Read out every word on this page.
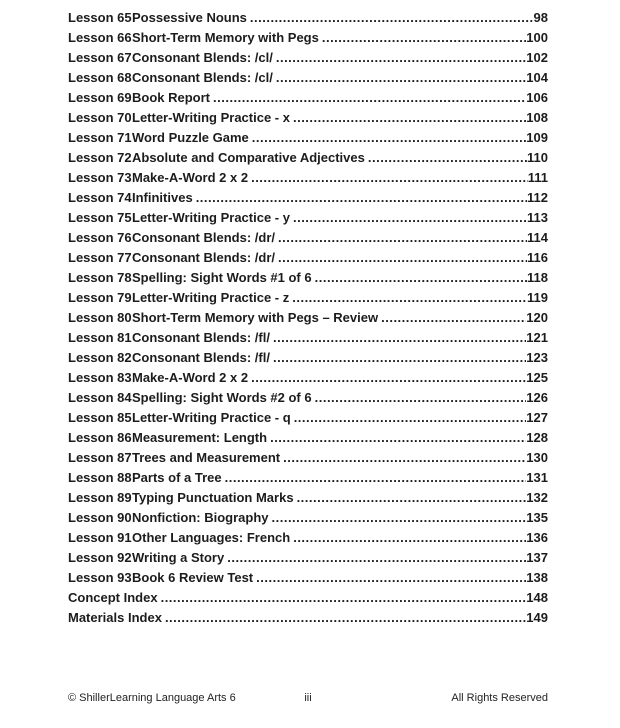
Lesson 65 Possessive Nouns .....	98
Lesson 66 Short-Term Memory with Pegs .....	100
Lesson 67 Consonant Blends: /cl/ .....	102
Lesson 68 Consonant Blends: /cl/ .....	104
Lesson 69 Book Report .....	106
Lesson 70 Letter-Writing Practice - x .....	108
Lesson 71 Word Puzzle Game .....	109
Lesson 72 Absolute and Comparative Adjectives .....	110
Lesson 73 Make-A-Word 2 x 2 .....	111
Lesson 74 Infinitives .....	112
Lesson 75 Letter-Writing Practice - y .....	113
Lesson 76 Consonant Blends: /dr/ .....	114
Lesson 77 Consonant Blends: /dr/ .....	116
Lesson 78 Spelling: Sight Words #1 of 6 .....	118
Lesson 79 Letter-Writing Practice - z .....	119
Lesson 80 Short-Term Memory with Pegs – Review .....	120
Lesson 81 Consonant Blends: /fl/ .....	121
Lesson 82 Consonant Blends: /fl/ .....	123
Lesson 83 Make-A-Word 2 x 2 .....	125
Lesson 84 Spelling: Sight Words #2 of 6 .....	126
Lesson 85 Letter-Writing Practice - q .....	127
Lesson 86 Measurement: Length .....	128
Lesson 87 Trees and Measurement .....	130
Lesson 88 Parts of a Tree .....	131
Lesson 89 Typing Punctuation Marks .....	132
Lesson 90 Nonfiction: Biography .....	135
Lesson 91 Other Languages: French .....	136
Lesson 92 Writing a Story .....	137
Lesson 93 Book 6 Review Test .....	138
Concept Index .....	148
Materials Index .....	149
© ShillerLearning Language Arts 6	iii	All Rights Reserved
